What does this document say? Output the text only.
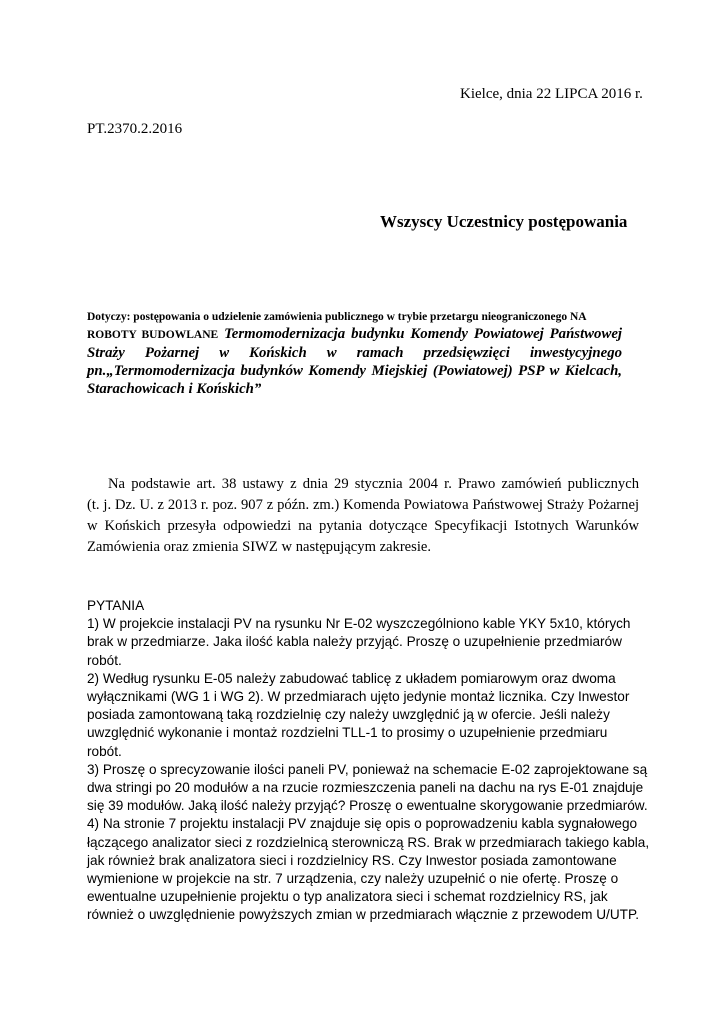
Kielce, dnia 22 LIPCA 2016 r.
PT.2370.2.2016
Wszyscy Uczestnicy postępowania
Dotyczy: postępowania o udzielenie zamówienia publicznego w trybie przetargu nieograniczonego NA
ROBOTY BUDOWLANE Termomodernizacja budynku Komendy Powiatowej Państwowej
Straży Pożarnej w Końskich w ramach przedsięwzięci inwestycyjnego
pn.„Termomodernizacja budynków Komendy Miejskiej (Powiatowej) PSP w Kielcach,
Starachowicach i Końskich”
Na podstawie art. 38 ustawy z dnia 29 stycznia 2004 r. Prawo zamówień publicznych
(t. j. Dz. U. z 2013 r. poz. 907 z późn. zm.) Komenda Powiatowa Państwowej Straży Pożarnej
w Końskich przesyła odpowiedzi na pytania dotyczące Specyfikacji Istotnych Warunków
Zamówienia oraz zmienia SIWZ w następującym zakresie.
PYTANIA
1) W projekcie instalacji PV na rysunku Nr E-02 wyszczególniono kable YKY 5x10, których
brak w przedmiarze. Jaka ilość kabla należy przyjąć. Proszę o uzupełnienie przedmiarów
robót.
2) Według rysunku E-05 należy zabudować tablicę z układem pomiarowym oraz dwoma
wyłącznikami (WG 1 i WG 2). W przedmiarach ujęto jedynie montaż licznika. Czy Inwestor
posiada zamontowaną taką rozdzielnię czy należy uwzględnić ją w ofercie. Jeśli należy
uwzględnić wykonanie i montaż rozdzielni TLL-1 to prosimy o uzupełnienie przedmiaru
robót.
3) Proszę o sprecyzowanie ilości paneli PV, ponieważ na schemacie E-02 zaprojektowane są
dwa stringi po 20 modułów a na rzucie rozmieszczenia paneli na dachu na rys E-01 znajduje
się 39 modułów. Jaką ilość należy przyjąć? Proszę o ewentualne skorygowanie przedmiarów.
4) Na stronie 7 projektu instalacji PV znajduje się opis o poprowadzeniu kabla sygnałowego
łączącego analizator sieci z rozdzielnicą sterowniczą RS. Brak w przedmiarach takiego kabla,
jak również brak analizatora sieci i rozdzielnicy RS. Czy Inwestor posiada zamontowane
wymienione w projekcie na str. 7 urządzenia, czy należy uzupełnić o nie ofertę. Proszę o
ewentualne uzupełnienie projektu o typ analizatora sieci i schemat rozdzielnicy RS, jak
również o uwzględnienie powyższych zmian w przedmiarach włącznie z przewodem U/UTP.
